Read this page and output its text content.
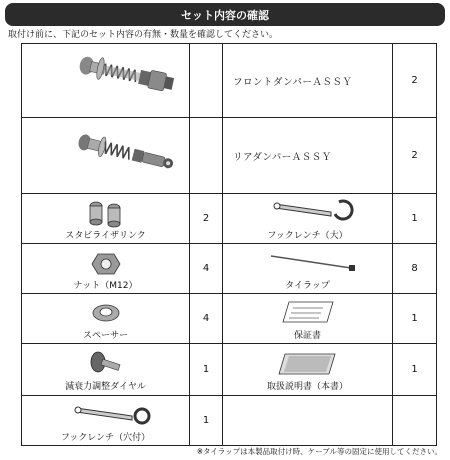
セット内容の確認
取付け前に、下記のセット内容の有無・数量を確認してください。
		フロントダンパーＡＳＳＹ	2

		リアダンパーＡＳＳＹ	2

スタビライザリンク	2	フックレンチ（大）	1

ナット（M12）	4	タイラップ	8

スペーサー	4	保証書	1

減衰力調整ダイヤル	1	取扱説明書（本書）	1

フックレンチ（穴付）	1		
※タイラップは本製品取付け時、ケーブル等の固定に使用してください。
